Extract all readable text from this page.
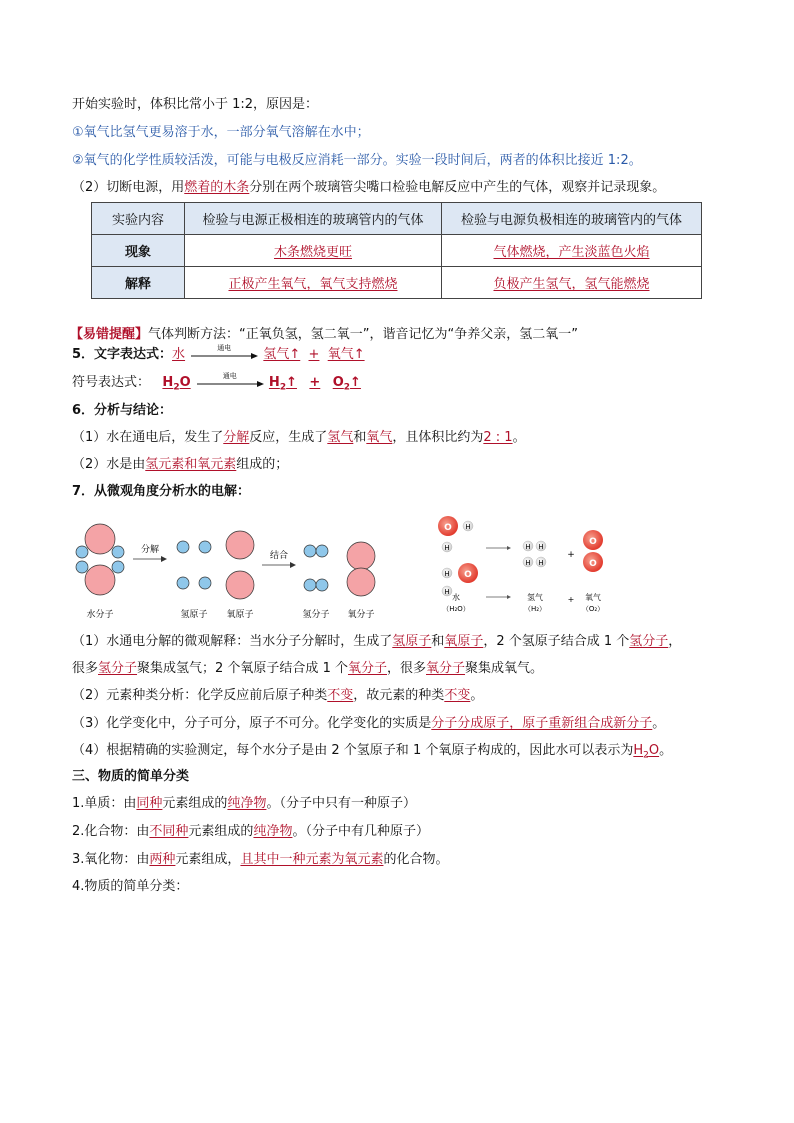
开始实验时，体积比常小于 1:2，原因是：
①氧气比氢气更易溶于水，一部分氧气溶解在水中；
②氧气的化学性质较活泼，可能与电极反应消耗一部分。实验一段时间后，两者的体积比接近 1:2。
（2）切断电源，用燃着的木条分别在两个玻璃管尖嘴口检验电解反应中产生的气体，观察并记录现象。
实验内容	检验与电源正极相连的玻璃管内的气体	检验与电源负极相连的玻璃管内的气体
现象	木条燃烧更旺	气体燃烧，产生淡蓝色火焰
解释	正极产生氧气，氧气支持燃烧	负极产生氢气，氢气能燃烧
【易错提醒】气体判断方法：“正氧负氢，氢二氧一”，谐音记忆为“争养父亲，氢二氧一”
5．文字表达式：水	通电	氢气↑ + 氧气↑
符号表达式： $H_2O$	通电	$H_2↑$ + $O_2↑$
6．分析与结论：
（1）水在通电后，发生了分解反应，生成了氢气和氧气，且体积比约为2 : 1。
（2）水是由氢元素和氧元素组成的；
7．从微观角度分析水的电解：
分解
结合
水分子	氢原子 氧原子	氢分子 氧分子
O H
H
H O
H
H H
H H
+
O
O
水
（H₂O）
氢气
（H₂）
+ 氧气
（O₂）
（1）水通电分解的微观解释：当水分子分解时，生成了氢原子和氧原子，2 个氢原子结合成 1 个氢分子，
很多氢分子聚集成氢气；2 个氧原子结合成 1 个氧分子，很多氧分子聚集成氧气。
（2）元素种类分析：化学反应前后原子种类不变，故元素的种类不变。
（3）化学变化中，分子可分，原子不可分。化学变化的实质是分子分成原子，原子重新组合成新分子。
（4）根据精确的实验测定，每个水分子是由 2 个氢原子和 1 个氧原子构成的，因此水可以表示为$H_2O$。
三、物质的简单分类
1.单质：由同种元素组成的纯净物。（分子中只有一种原子）
2.化合物：由不同种元素组成的纯净物。（分子中有几种原子）
3.氧化物：由两种元素组成，且其中一种元素为氧元素的化合物。
4.物质的简单分类：
